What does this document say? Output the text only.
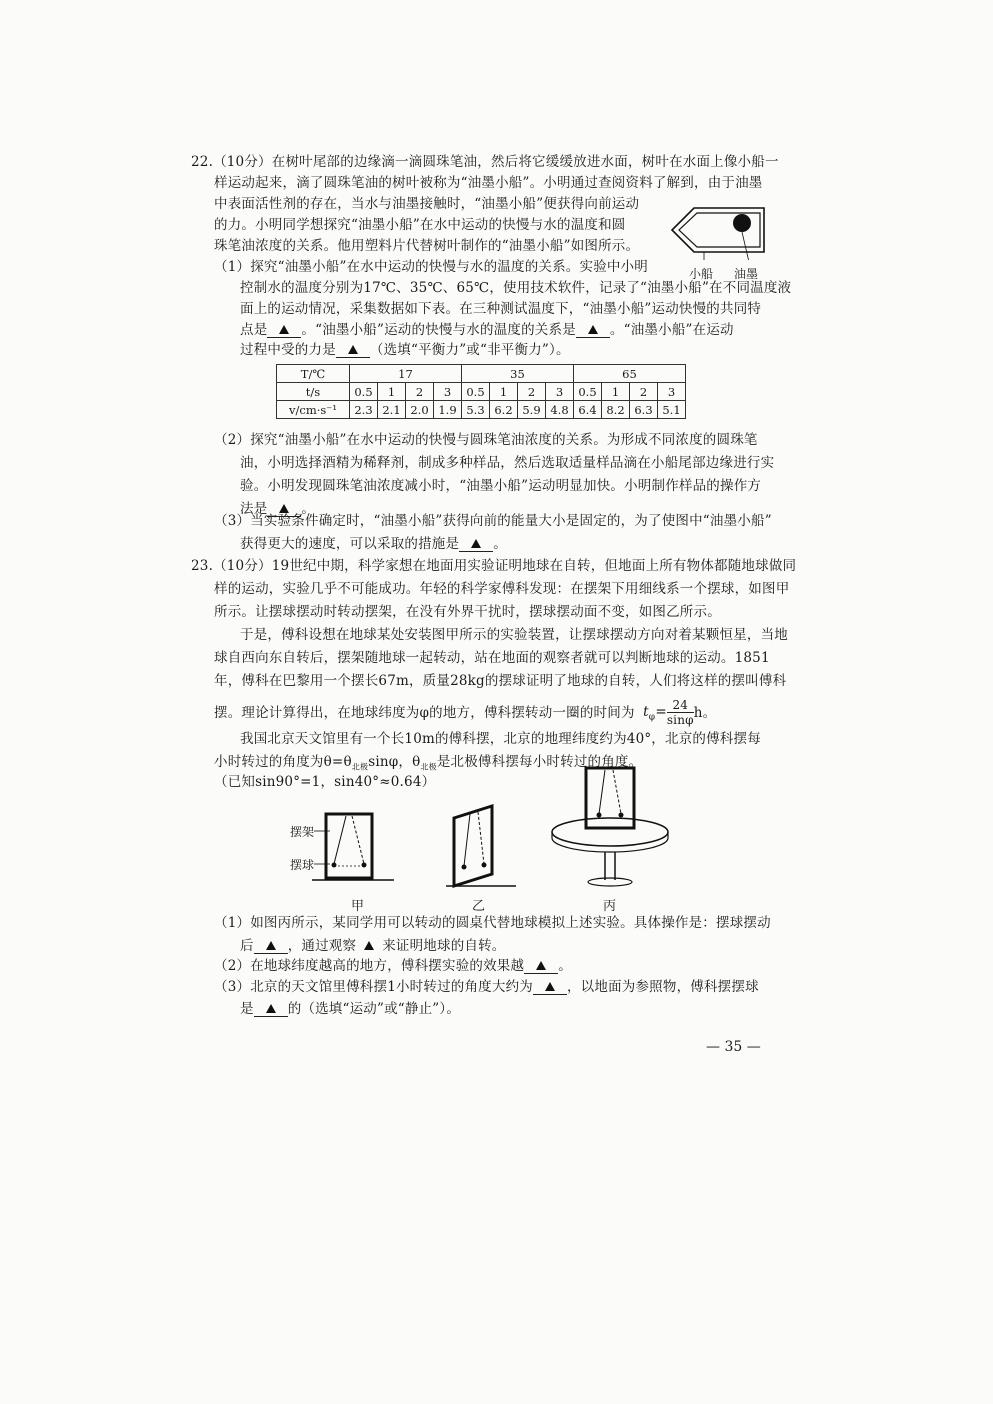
22.（10分）在树叶尾部的边缘滴一滴圆珠笔油，然后将它缓缓放进水面，树叶在水面上像小船一
样运动起来，滴了圆珠笔油的树叶被称为“油墨小船”。小明通过查阅资料了解到，由于油墨
中表面活性剂的存在，当水与油墨接触时，“油墨小船”便获得向前运动
的力。小明同学想探究“油墨小船”在水中运动的快慢与水的温度和圆
珠笔油浓度的关系。他用塑料片代替树叶制作的“油墨小船”如图所示。
小船 油墨
（1）探究“油墨小船”在水中运动的快慢与水的温度的关系。实验中小明
控制水的温度分别为17℃、35℃、65℃，使用技术软件，记录了“油墨小船”在不同温度液
面上的运动情况，采集数据如下表。在三种测试温度下，“油墨小船”运动快慢的共同特
点是	。“油墨小船”运动的快慢与水的温度的关系是	。“油墨小船”在运动
T/℃	17				35				65			
t/s	0.5	1	2	3	0.5	1	2	3	0.5	1	2	3
v/cm·s⁻¹	2.3	2.1	2.0	1.9	5.3	6.2	5.9	4.8	6.4	8.2	6.3	5.1
（2）探究“油墨小船”在水中运动的快慢与圆珠笔油浓度的关系。为形成不同浓度的圆珠笔
油，小明选择酒精为稀释剂，制成多种样品，然后选取适量样品滴在小船尾部边缘进行实
验。小明发现圆珠笔油浓度减小时，“油墨小船”运动明显加快。小明制作样品的操作方
法是	。
（3）当实验条件确定时，“油墨小船”获得向前的能量大小是固定的，为了使图中“油墨小船”
获得更大的速度，可以采取的措施是	。
23.（10分）19世纪中期，科学家想在地面用实验证明地球在自转，但地面上所有物体都随地球做同
样的运动，实验几乎不可能成功。年轻的科学家傅科发现：在摆架下用细线系一个摆球，如图甲
所示。让摆球摆动时转动摆架，在没有外界干扰时，摆球摆动面不变，如图乙所示。
于是，傅科设想在地球某处安装图甲所示的实验装置，让摆球摆动方向对着某颗恒星，当地
球自西向东自转后，摆架随地球一起转动，站在地面的观察者就可以判断地球的运动。1851
年，傅科在巴黎用一个摆长67m，质量28kg的摆球证明了地球的自转，人们将这样的摆叫傅科
摆。理论计算得出，在地球纬度为φ的地方，傅科摆转动一圈的时间为 $t_\varphi= \frac{24}{\sin\varphi}$ h。
我国北京天文馆里有一个长10m的傅科摆，北京的地理纬度约为40°，北京的傅科摆每
小时转过的角度为$\theta=\theta_{北极}\sin\varphi$，$\theta_{北极}$是北极傅科摆每小时转过的角度。
（已知sin90°=1，sin40°≈0.64）
摆架
摆球
甲	乙	丙
（1）如图丙所示，某同学用可以转动的圆桌代替地球模拟上述实验。具体操作是：摆球摆动
后	，通过观察 来证明地球的自转。
（2）在地球纬度越高的地方，傅科摆实验的效果越	。
（3）北京的天文馆里傅科摆1小时转过的角度大约为	，以地面为参照物，傅科摆摆球
是	的（选填“运动”或“静止”）。
— 35 —
过程中受的力是	（选填“平衡力”或“非平衡力”）。
